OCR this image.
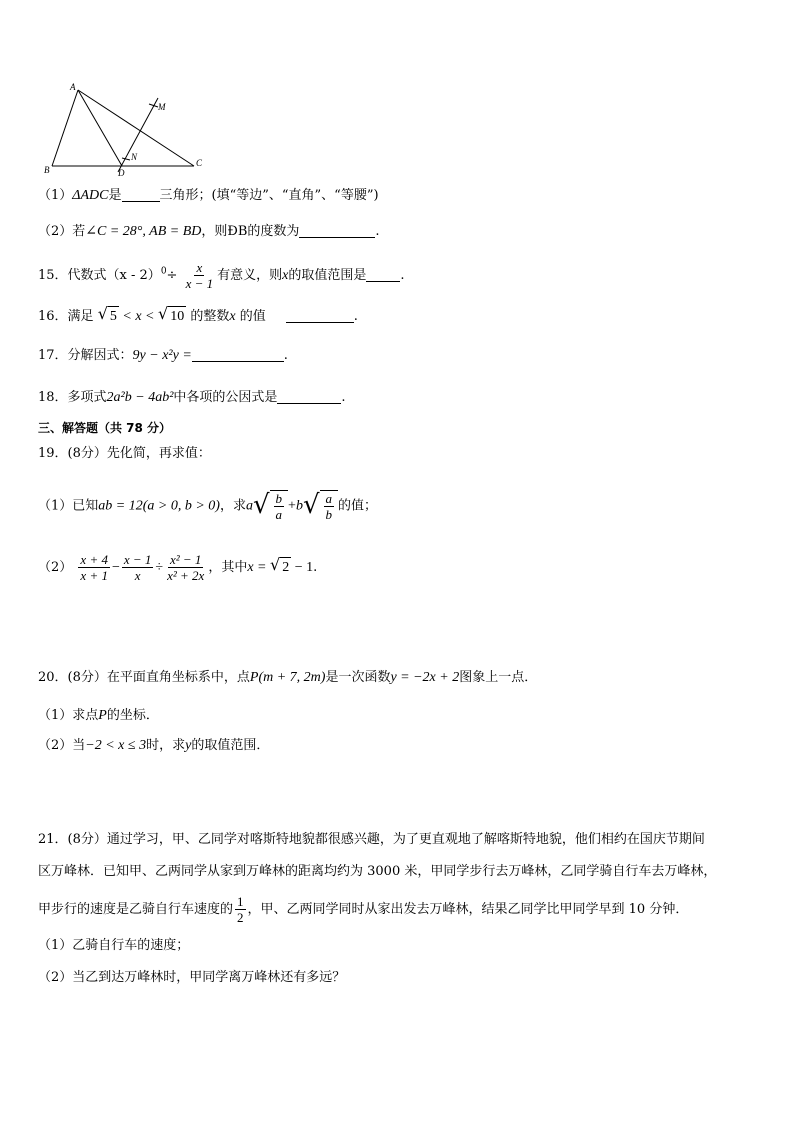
A
B
C
D
M
N
（1）ΔADC是	三角形；(填“等边”、“直角”、“等腰”)
（2）若∠C = 28°, AB = BD，则ÐB的度数为	.
15．代数式$(x - 2)^0\div \frac{x}{x - 1}$ 有意义，则x的取值范围是	.
16．满足 √ 5 < x < √ 10 的整数x 的值	.
17．分解因式：9y − x²y =	.
18．多项式2a²b − 4ab²中各项的公因式是	.
三、解答题（共 78 分）
19．(8分）先化简，再求值：
（1）已知ab = 12(a > 0, b > 0)，求a √ $\frac{b}{a} +b$ √ $\frac{a}{b}$ 的值；
$(2) \frac{x + 4}{x + 1} - \frac{x - 1}{x} \div \frac{\text{x² − 1}}{\text{x² + 2x}}$ ，其中x = √ 2 − 1.
20．(8分）在平面直角坐标系中，点P(m + 7, 2m)是一次函数y = −2x + 2图象上一点．
（1）求点P的坐标．
（2）当−2 < x ≤ 3时，求y的取值范围．
21．(8分）通过学习，甲、乙同学对喀斯特地貌都很感兴趣，为了更直观地了解喀斯特地貌，他们相约在国庆节期间
区万峰林．已知甲、乙两同学从家到万峰林的距离均约为 3000 米，甲同学步行去万峰林，乙同学骑自行车去万峰林，
甲步行的速度是乙骑自行车速度的 $\frac{1}{2}$ ，甲、乙两同学同时从家出发去万峰林，结果乙同学比甲同学早到 10 分钟．
（1）乙骑自行车的速度；
（2）当乙到达万峰林时，甲同学离万峰林还有多远？
